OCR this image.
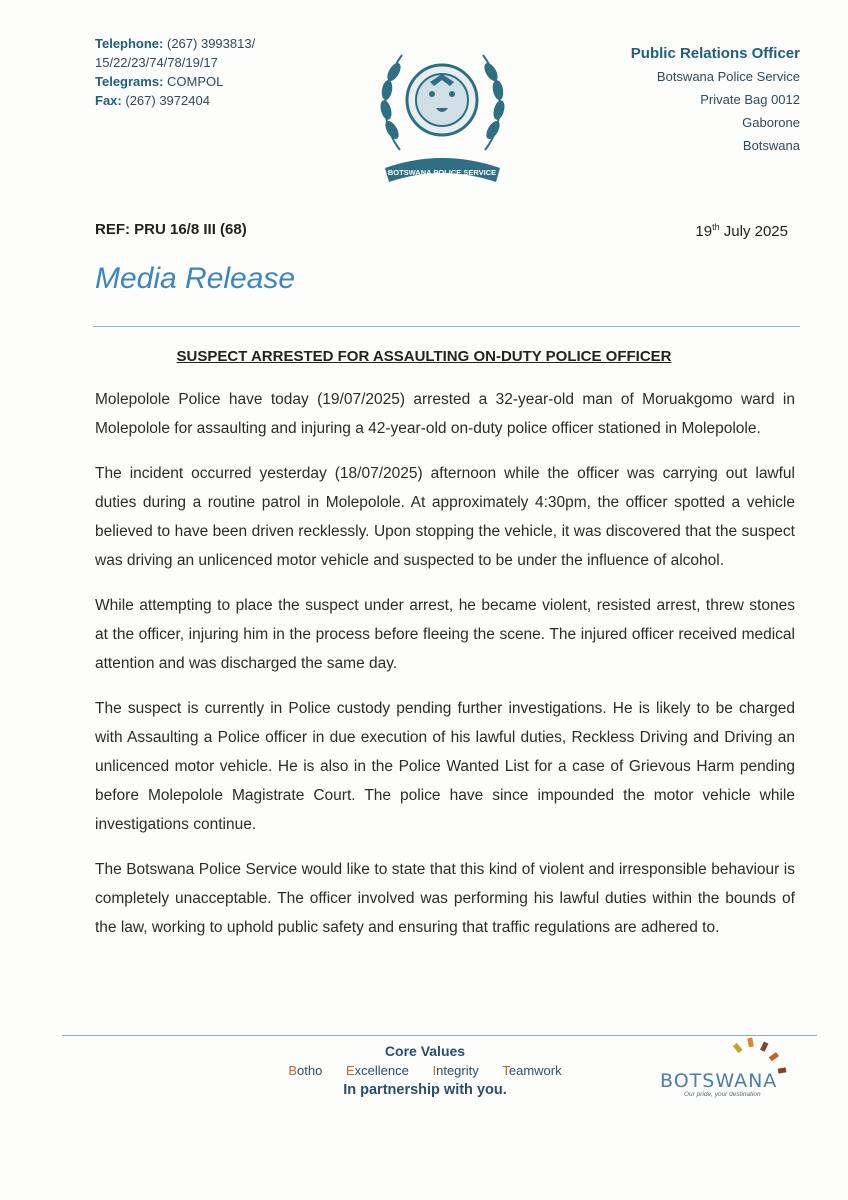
Telephone: (267) 3993813/
15/22/23/74/78/19/17
Telegrams: COMPOL
Fax: (267) 3972404
BOTSWANA POLICE SERVICE
Public Relations Officer
Botswana Police Service
Private Bag 0012
Gaborone
Botswana
REF: PRU 16/8 III (68)	19th July 2025
Media Release
SUSPECT ARRESTED FOR ASSAULTING ON-DUTY POLICE OFFICER

Molepolole Police have today (19/07/2025) arrested a 32-year-old man of Moruakgomo ward in Molepolole for assaulting and injuring a 42-year-old on-duty police officer stationed in Molepolole.

The incident occurred yesterday (18/07/2025) afternoon while the officer was carrying out lawful duties during a routine patrol in Molepolole. At approximately 4:30pm, the officer spotted a vehicle believed to have been driven recklessly. Upon stopping the vehicle, it was discovered that the suspect was driving an unlicenced motor vehicle and suspected to be under the influence of alcohol.

While attempting to place the suspect under arrest, he became violent, resisted arrest, threw stones at the officer, injuring him in the process before fleeing the scene. The injured officer received medical attention and was discharged the same day.

The suspect is currently in Police custody pending further investigations. He is likely to be charged with Assaulting a Police officer in due execution of his lawful duties, Reckless Driving and Driving an unlicenced motor vehicle. He is also in the Police Wanted List for a case of Grievous Harm pending before Molepolole Magistrate Court. The police have since impounded the motor vehicle while investigations continue.

The Botswana Police Service would like to state that this kind of violent and irresponsible behaviour is completely unacceptable. The officer involved was performing his lawful duties within the bounds of the law, working to uphold public safety and ensuring that traffic regulations are adhered to.

Core Values
Botho Excellence Integrity Teamwork
In partnership with you.	BOTSWANA
Our pride, your destination
